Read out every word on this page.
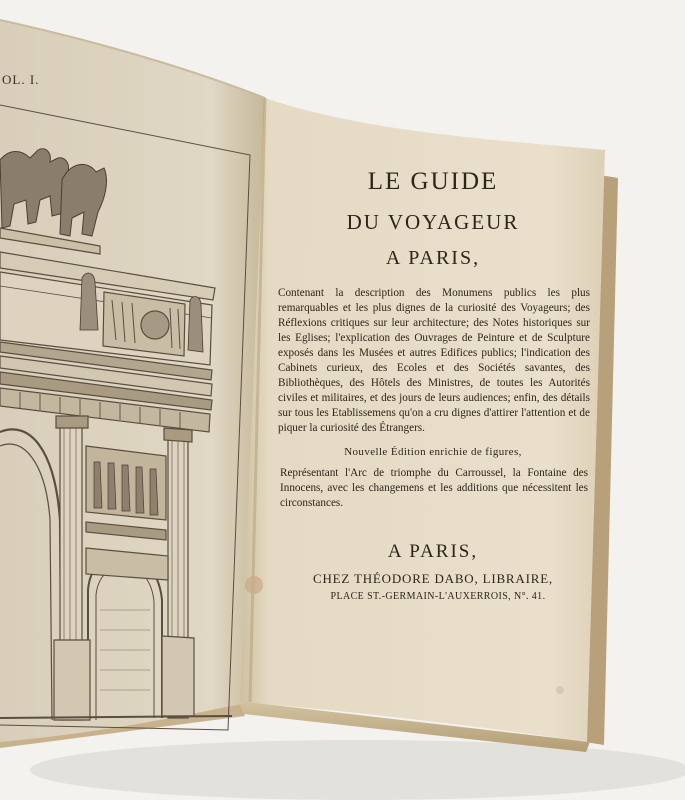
OL. I.
LE GUIDE
DU VOYAGEUR
A PARIS,
Contenant la description des Monumens publics les plus remarquables et les plus dignes de la curiosité des Voyageurs; des Réflexions critiques sur leur architecture; des Notes historiques sur les Eglises; l'explication des Ouvrages de Peinture et de Sculpture exposés dans les Musées et autres Edifices publics; l'indication des Cabinets curieux, des Ecoles et des Sociétés savantes, des Bibliothèques, des Hôtels des Ministres, de toutes les Autorités civiles et militaires, et des jours de leurs audiences; enfin, des détails sur tous les Etablissemens qu'on a cru dignes d'attirer l'attention et de piquer la curiosité des Étrangers.
Nouvelle Édition enrichie de figures,
Représentant l'Arc de triomphe du Carroussel, la Fontaine des Innocens, avec les changemens et les additions que nécessitent les circonstances.
A PARIS,
CHEZ THÉODORE DABO, LIBRAIRE,
PLACE ST.-GERMAIN-L'AUXERROIS, N°. 41.
